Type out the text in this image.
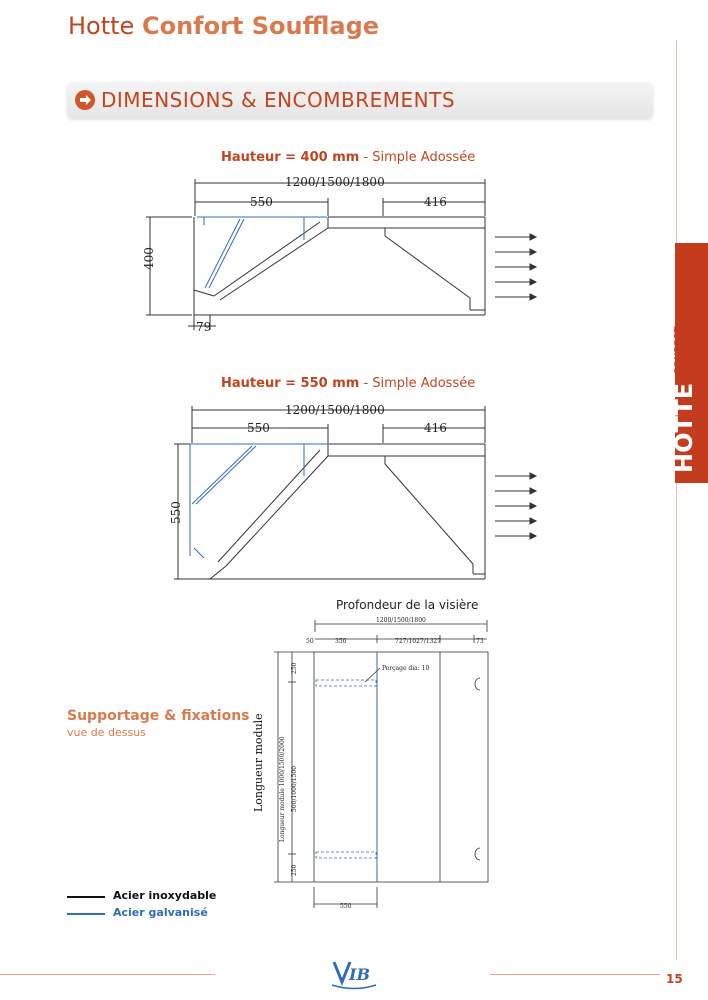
Hotte Confort Soufflage
DIMENSIONS & ENCOMBREMENTS
HOTTE
CONFORT
SOUFFLAGE
Hauteur = 400 mm - Simple Adossée
1200/1500/1800
550	416
400
79
Hauteur = 550 mm - Simple Adossée
1200/1500/1800
550	416
550
Profondeur de la visière
1200/1500/1800
50	350	727/1027/1327	73
Perçage dia: 10
Longueur module 1000/1500/2000 500/1000/1500
250
250
550
Longueur module
Supportage & fixations
vue de dessus
Acier inoxydable
Acier galvanisé
IB	15
